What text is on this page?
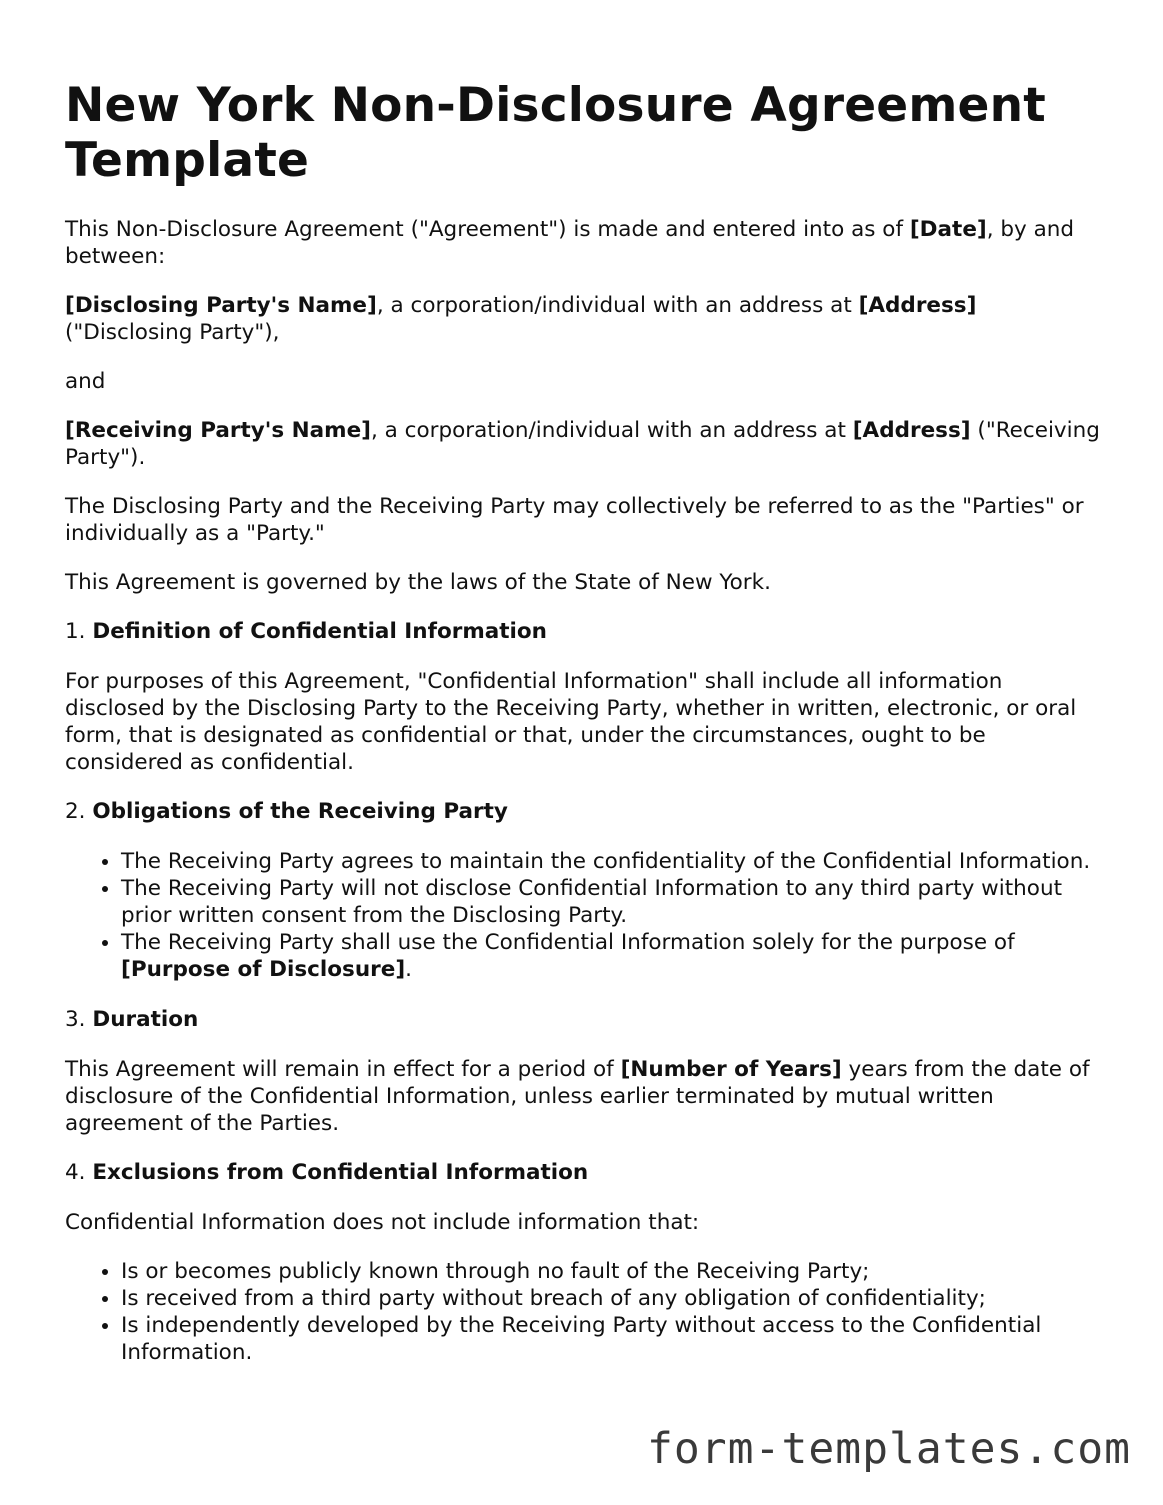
New York Non-Disclosure Agreement Template

This Non-Disclosure Agreement ("Agreement") is made and entered into as of [Date], by and between:

[Disclosing Party's Name], a corporation/individual with an address at [Address] ("Disclosing Party"),

and

[Receiving Party's Name], a corporation/individual with an address at [Address] ("Receiving Party").

The Disclosing Party and the Receiving Party may collectively be referred to as the "Parties" or individually as a "Party."

This Agreement is governed by the laws of the State of New York.

1. Definition of Confidential Information

For purposes of this Agreement, "Confidential Information" shall include all information disclosed by the Disclosing Party to the Receiving Party, whether in written, electronic, or oral form, that is designated as confidential or that, under the circumstances, ought to be considered as confidential.

2. Obligations of the Receiving Party
• The Receiving Party agrees to maintain the confidentiality of the Confidential Information.
• The Receiving Party will not disclose Confidential Information to any third party without prior written consent from the Disclosing Party.
• The Receiving Party shall use the Confidential Information solely for the purpose of [Purpose of Disclosure].
3. Duration

This Agreement will remain in effect for a period of [Number of Years] years from the date of disclosure of the Confidential Information, unless earlier terminated by mutual written agreement of the Parties.

4. Exclusions from Confidential Information

Confidential Information does not include information that:

• Is or becomes publicly known through no fault of the Receiving Party;
• Is received from a third party without breach of any obligation of confidentiality;
• Is independently developed by the Receiving Party without access to the Confidential Information.
form-templates.com
